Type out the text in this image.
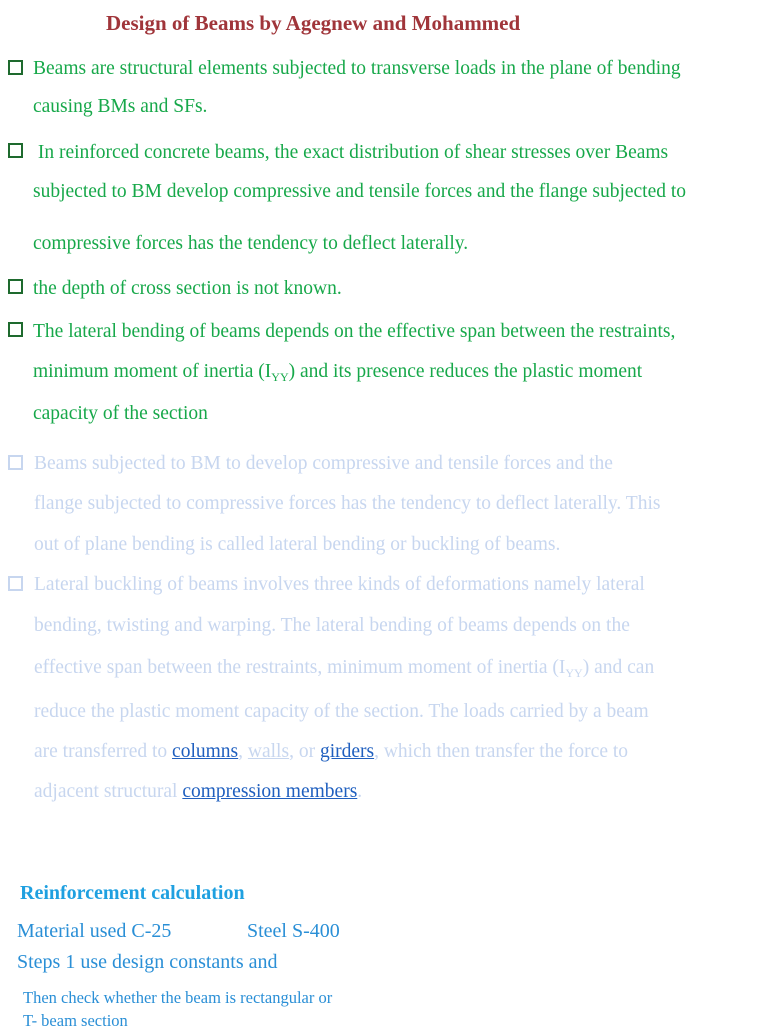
Design of Beams by Agegnew and Mohammed
Beams are structural elements subjected to transverse loads in the plane of bending
causing BMs and SFs.
In reinforced concrete beams, the exact distribution of shear stresses over Beams
subjected to BM develop compressive and tensile forces and the flange subjected to
compressive forces has the tendency to deflect laterally.
the depth of cross section is not known.
The lateral bending of beams depends on the effective span between the restraints,
minimum moment of inertia $(I_{YY})$ and its presence reduces the plastic moment
capacity of the section
Beams subjected to BM to develop compressive and tensile forces and the
flange subjected to compressive forces has the tendency to deflect laterally. This
out of plane bending is called lateral bending or buckling of beams.
Lateral buckling of beams involves three kinds of deformations namely lateral
bending, twisting and warping. The lateral bending of beams depends on the
effective span between the restraints, minimum moment of inertia $(I_{YY})$ and can
reduce the plastic moment capacity of the section. The loads carried by a beam
are transferred to columns, walls, or girders, which then transfer the force to
adjacent structural compression members.
Reinforcement calculation
Material used C-25	Steel S-400
Steps 1 use design constants and
Then check whether the beam is rectangular or
T- beam section
